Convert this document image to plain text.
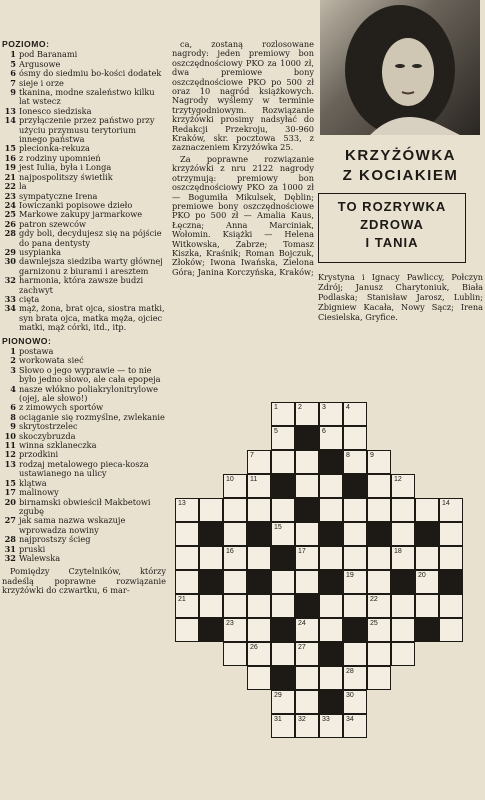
POZIOMO:
1 pod Baranami
5 Argusowe
6 ósmy do siedmiu bo-kości dodatek
7 sieje i orze
9 tkanina, modne szaleństwo kilku lat wstecz
13 Ionesco siedziska
14 przyłączenie przez państwo przy użyciu przymusu terytorium innego państwa
15 plecionka-rekuza
16 z rodziny upomnień
19 jest Iulia, była i Longa
21 najpospolitszy świetlik
22 la
23 sympatyczne Irena
24 Iowiczanki popisowe dzieło
25 Markowe zakupy jarmarkowe
26 patron szewców
28 gdy boli, decydujesz się na pójście do pana dentysty
29 usypianka
30 dawnlejsza siedziba warty głównej garnizonu z biurami i aresztem
32 harmonia, która zawsze budzi zachwyt
33 cięta
34 mąż, żona, brat ojca, siostra matki, syn brata ojca, matka męża, ojciec matki, mąż córki, itd., itp.
PIONOWO:
1 postawa
2 workowata sieć
3 Słowo o jego wyprawie — to nie było jedno słowo, ale cała epopeja
4 nasze włókno poliakrylonitrylowe (ojej, ale słowo!)
6 z zimowych sportów
8 ociąganie się rozmyślne, zwlekanie
9 skrytostrzelec
10 skoczybruzda
11 winna szklaneczka
12 przodkini
13 rodzaj metalowego pieca-kosza ustawianego na ulicy
15 klątwa
17 malinowy
20 birnamski obwieścił Makbetowi zgubę
27 jak sama nazwa wskazuje wprowadza nowiny
28 najprostszy ścieg
31 pruski
32 Walewska
Pomiędzy Czytelników, którzy nadeślą poprawne rozwiązanie krzyżówki do czwartku, 6 mar-

ca, zostaną rozlosowane nagrody: jeden premiowy bon oszczędnościowy PKO za 1000 zł, dwa premiowe bony oszczędnościowe PKO po 500 zł oraz 10 nagród książkowych. Nagrody wyślemy w terminie trzytygodniowym. Rozwiązanie krzyżówki prosimy nadsyłać do Redakcji Przekroju, 30-960 Kraków, skr. pocztowa 533, z zaznaczeniem Krzyżówka 25.

Za poprawne rozwiązanie krzyżówki z nru 2122 nagrody otrzymują: premiowy bon oszczędnościowy PKO za 1000 zł — Bogumiła Mikulsek, Dęblin; premiowe bony oszczędnościowe PKO po 500 zł — Amalia Kaus, Łęczna; Anna Marciniak, Wołomin. Książki — Helena Witkowska, Zabrze; Tomasz Kiszka, Kraśnik; Roman Bojczuk, Złoków; Iwona Iwańska, Zielona Góra; Janina Korczyńska, Kraków;

KRZYŻÓWKA
Z KOCIAKIEM
TO ROZRYWKA
ZDROWA
I TANIA
Krystyna i Ignacy Pawliccy, Połczyn Zdrój; Janusz Charytoniuk, Biała Podlaska; Stanisław Jarosz, Lublin; Zbigniew Kacała, Nowy Sącz; Irena Ciesielska, Gryfice.
1	2	3	4
5	6
7	8	9
10 11	12
13	14
15
16	17	18
19	20
21	22
23	24	25
26	27
28
29	30
31 32 33 34
